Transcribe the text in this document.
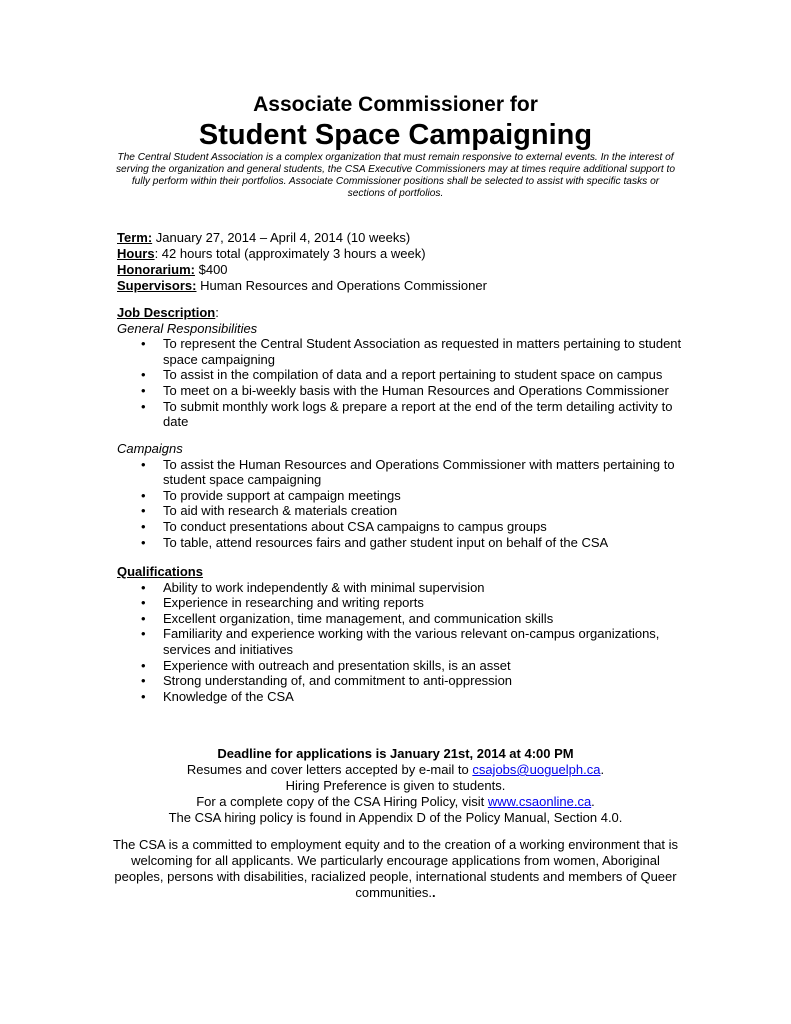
Associate Commissioner for
Student Space Campaigning
The Central Student Association is a complex organization that must remain responsive to external events. In the interest of serving the organization and general students, the CSA Executive Commissioners may at times require additional support to fully perform within their portfolios. Associate Commissioner positions shall be selected to assist with specific tasks or sections of portfolios.
Term: January 27, 2014 – April 4, 2014 (10 weeks)
Hours: 42 hours total (approximately 3 hours a week)
Honorarium: $400
Supervisors: Human Resources and Operations Commissioner
Job Description:
General Responsibilities
• To represent the Central Student Association as requested in matters pertaining to student space campaigning
• To assist in the compilation of data and a report pertaining to student space on campus
• To meet on a bi-weekly basis with the Human Resources and Operations Commissioner
• To submit monthly work logs & prepare a report at the end of the term detailing activity to date
Campaigns
• To assist the Human Resources and Operations Commissioner with matters pertaining to student space campaigning
• To provide support at campaign meetings
• To aid with research & materials creation
• To conduct presentations about CSA campaigns to campus groups
• To table, attend resources fairs and gather student input on behalf of the CSA
Qualifications
• Ability to work independently & with minimal supervision
• Experience in researching and writing reports
• Excellent organization, time management, and communication skills
• Familiarity and experience working with the various relevant on-campus organizations, services and initiatives
• Experience with outreach and presentation skills, is an asset
• Strong understanding of, and commitment to anti-oppression
• Knowledge of the CSA
Deadline for applications is January 21st, 2014 at 4:00 PM
Resumes and cover letters accepted by e-mail to csajobs@uoguelph.ca.
Hiring Preference is given to students.
For a complete copy of the CSA Hiring Policy, visit www.csaonline.ca.
The CSA hiring policy is found in Appendix D of the Policy Manual, Section 4.0.
The CSA is a committed to employment equity and to the creation of a working environment that is welcoming for all applicants. We particularly encourage applications from women, Aboriginal peoples, persons with disabilities, racialized people, international students and members of Queer communities..
